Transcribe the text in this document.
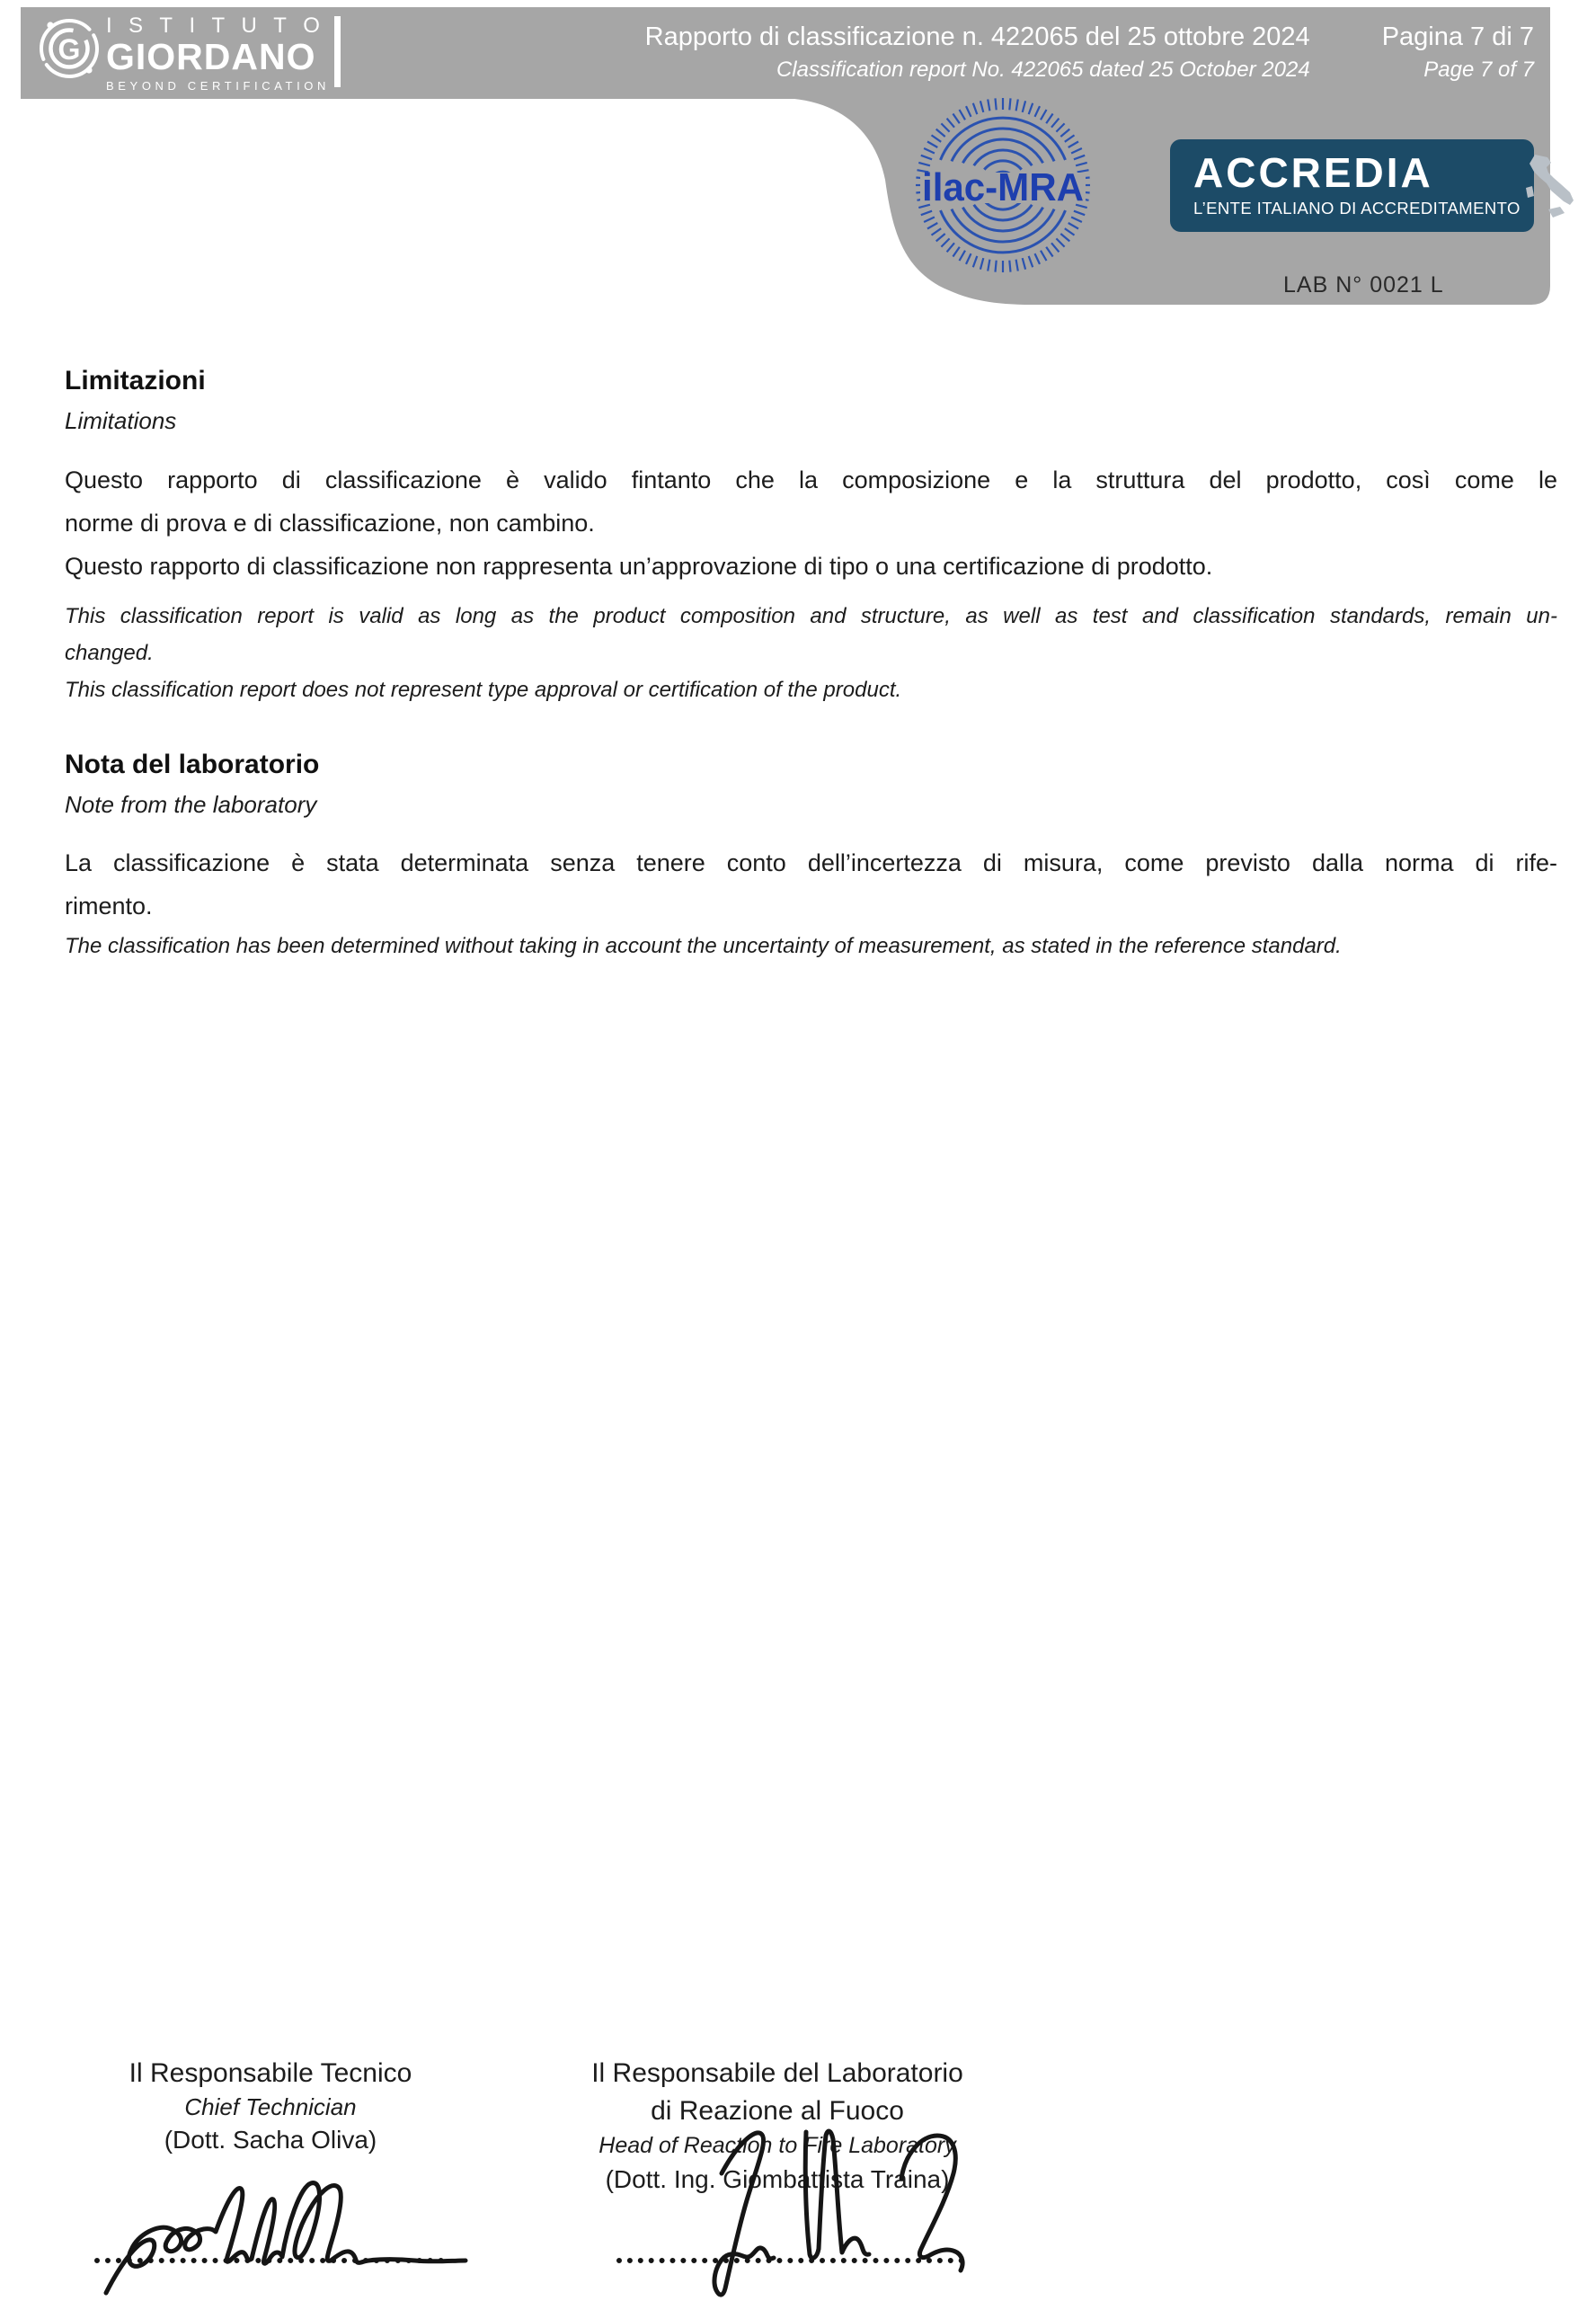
G
I S T I T U T O
GIORDANO
BEYOND CERTIFICATION
Rapporto di classificazione n. 422065 del 25 ottobre 2024
Classification report No. 422065 dated 25 October 2024
Pagina 7 di 7
Page 7 of 7
ilac-MRA	ACCREDIA
L’ENTE ITALIANO DI ACCREDITAMENTO
LAB N° 0021 L
Limitazioni
Limitations
Questo rapporto di classificazione è valido fintanto che la composizione e la struttura del prodotto, così come le
norme di prova e di classificazione, non cambino.
Questo rapporto di classificazione non rappresenta un’approvazione di tipo o una certificazione di prodotto.
This classification report is valid as long as the product composition and structure, as well as test and classification standards, remain un-
changed.
This classification report does not represent type approval or certification of the product.
Nota del laboratorio
Note from the laboratory
La classificazione è stata determinata senza tenere conto dell’incertezza di misura, come previsto dalla norma di rife-
rimento.
The classification has been determined without taking in account the uncertainty of measurement, as stated in the reference standard.
Il Responsabile Tecnico
Chief Technician
(Dott. Sacha Oliva)
Il Responsabile del Laboratorio
di Reazione al Fuoco
Head of Reaction to Fire Laboratory
(Dott. Ing. Giombattista Traina)
